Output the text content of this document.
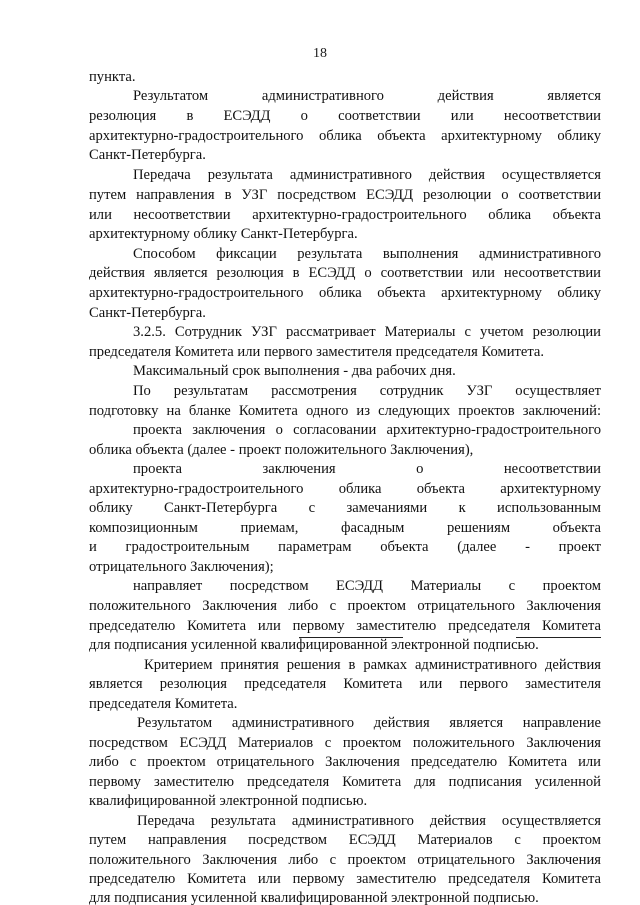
18

пункта.

Результатом административного действия является

резолюция в ЕСЭДД о соответствии или несоответствии

архитектурно-градостроительного облика объекта архитектурному облику

Санкт-Петербурга.

Передача результата административного действия осуществляется

путем направления в УЗГ посредством ЕСЭДД резолюции о соответствии

или несоответствии архитектурно-градостроительного облика объекта

архитектурному облику Санкт-Петербурга.

Способом фиксации результата выполнения административного

действия является резолюция в ЕСЭДД о соответствии или несоответствии

архитектурно-градостроительного облика объекта архитектурному облику

Санкт-Петербурга.

3.2.5. Сотрудник УЗГ рассматривает Материалы с учетом резолюции

председателя Комитета или первого заместителя председателя Комитета.

Максимальный срок выполнения - два рабочих дня.

По результатам рассмотрения сотрудник УЗГ осуществляет

подготовку на бланке Комитета одного из следующих проектов заключений:

проекта заключения о согласовании архитектурно-градостроительного

облика объекта (далее - проект положительного Заключения),

проекта заключения о несоответствии

архитектурно-градостроительного облика объекта архитектурному

облику Санкт-Петербурга с замечаниями к использованным

композиционным приемам, фасадным решениям объекта

и градостроительным параметрам объекта (далее - проект

отрицательного Заключения);

направляет посредством ЕСЭДД Материалы с проектом

положительного Заключения либо с проектом отрицательного Заключения

председателю Комитета или первому заместителю председателя Комитета

для подписания усиленной квалифицированной электронной подписью.

Критерием принятия решения в рамках административного действия

является резолюция председателя Комитета или первого заместителя

председателя Комитета.

Результатом административного действия является направление

посредством ЕСЭДД Материалов с проектом положительного Заключения

либо с проектом отрицательного Заключения председателю Комитета или

первому заместителю председателя Комитета для подписания усиленной

квалифицированной электронной подписью.

Передача результата административного действия осуществляется

путем направления посредством ЕСЭДД Материалов с проектом

положительного Заключения либо с проектом отрицательного Заключения

председателю Комитета или первому заместителю председателя Комитета

для подписания усиленной квалифицированной электронной подписью.
